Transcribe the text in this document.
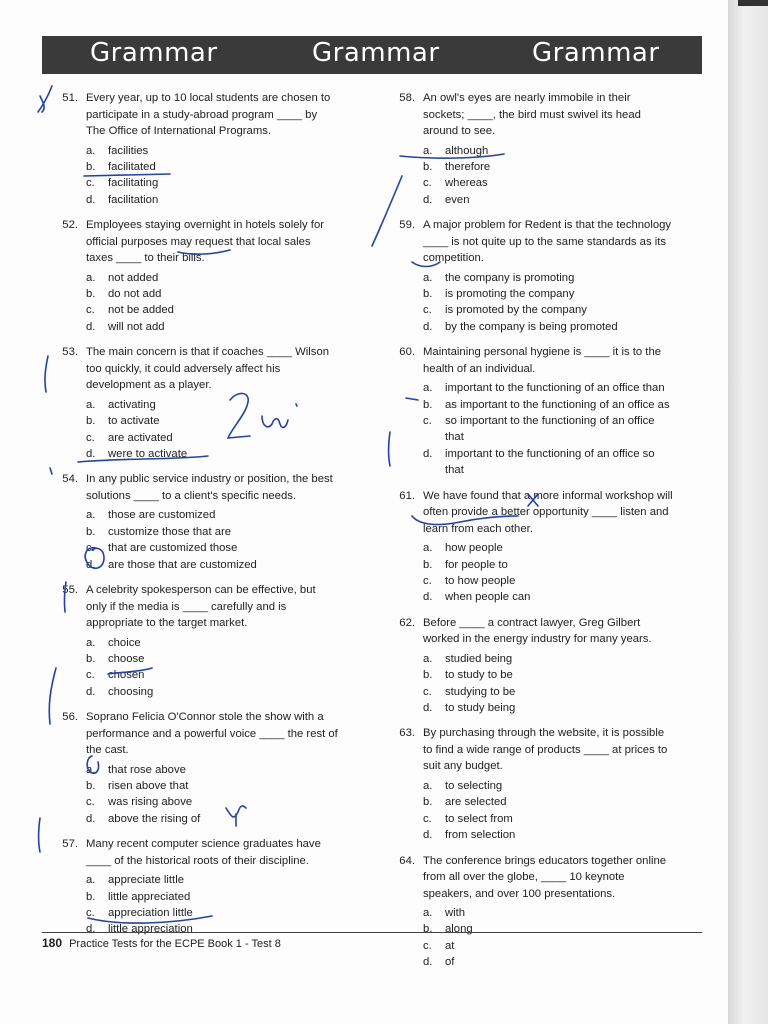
Grammar	Grammar	Grammar
51. Every year, up to 10 local students are chosen to participate in a study-abroad program ____ by The Office of International Programs.
a. facilities
b. facilitated
c. facilitating
d. facilitation
52. Employees staying overnight in hotels solely for official purposes may request that local sales taxes ____ to their bills.
a. not added
b. do not add
c. not be added
d. will not add
53. The main concern is that if coaches ____ Wilson too quickly, it could adversely affect his development as a player.
a. activating
b. to activate
c. are activated
d. were to activate
54. In any public service industry or position, the best solutions ____ to a client's specific needs.
a. those are customized
b. customize those that are
c. that are customized those
d. are those that are customized
55. A celebrity spokesperson can be effective, but only if the media is ____ carefully and is appropriate to the target market.
a. choice
b. choose
c. chosen
d. choosing
56. Soprano Felicia O'Connor stole the show with a performance and a powerful voice ____ the rest of the cast.
a. that rose above
b. risen above that
c. was rising above
d. above the rising of
57. Many recent computer science graduates have ____ of the historical roots of their discipline.
a. appreciate little
b. little appreciated
c. appreciation little
d. little appreciation
58. An owl's eyes are nearly immobile in their sockets; ____, the bird must swivel its head around to see.
a. although
b. therefore
c. whereas
d. even
59. A major problem for Redent is that the technology ____ is not quite up to the same standards as its competition.
a. the company is promoting
b. is promoting the company
c. is promoted by the company
d. by the company is being promoted
60. Maintaining personal hygiene is ____ it is to the health of an individual.
a. important to the functioning of an office than
b. as important to the functioning of an office as
c. so important to the functioning of an office that
d. important to the functioning of an office so that
61. We have found that a more informal workshop will often provide a better opportunity ____ listen and learn from each other.
a. how people
b. for people to
c. to how people
d. when people can
62. Before ____ a contract lawyer, Greg Gilbert worked in the energy industry for many years.
a. studied being
b. to study to be
c. studying to be
d. to study being
63. By purchasing through the website, it is possible to find a wide range of products ____ at prices to suit any budget.
a. to selecting
b. are selected
c. to select from
d. from selection
64. The conference brings educators together online from all over the globe, ____ 10 keynote speakers, and over 100 presentations.
a. with
b. along
c. at
d. of
180 Practice Tests for the ECPE Book 1 - Test 8
